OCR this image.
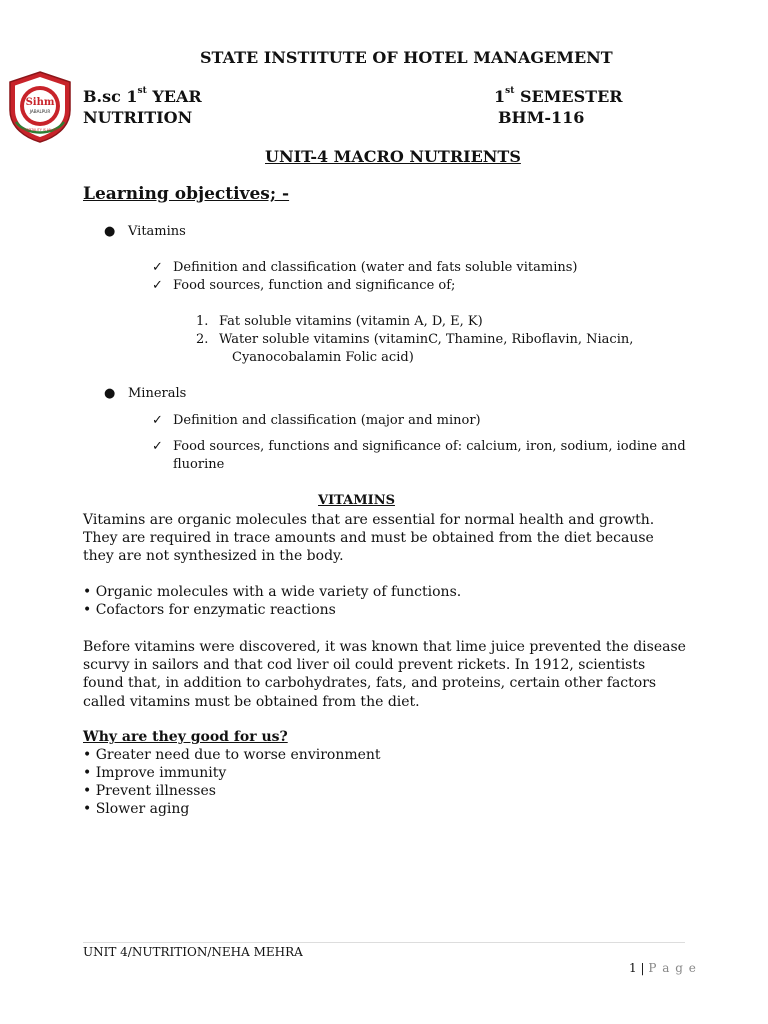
Sihm
JABALPUR
HOSPITALITY IS AN ART
STATE INSTITUTE OF HOTEL MANAGEMENT
B.sc 1st YEAR
NUTRITION
1st SEMESTER
BHM-116
UNIT-4 MACRO NUTRIENTS
Learning objectives; -
● Vitamins
✓ Definition and classification (water and fats soluble vitamins)
✓ Food sources, function and significance of;
1. Fat soluble vitamins (vitamin A, D, E, K)
2. Water soluble vitamins (vitaminC, Thamine, Riboflavin, Niacin,
Cyanocobalamin Folic acid)
● Minerals
✓ Definition and classification (major and minor)
✓ Food sources, functions and significance of: calcium, iron, sodium, iodine and
fluorine
VITAMINS
Vitamins are organic molecules that are essential for normal health and growth. They are required in trace amounts and must be obtained from the diet because they are not synthesized in the body.
• Organic molecules with a wide variety of functions.
• Cofactors for enzymatic reactions
Before vitamins were discovered, it was known that lime juice prevented the disease scurvy in sailors and that cod liver oil could prevent rickets. In 1912, scientists found that, in addition to carbohydrates, fats, and proteins, certain other factors called vitamins must be obtained from the diet.
Why are they good for us?
• Greater need due to worse environment
• Improve immunity
• Prevent illnesses
• Slower aging
UNIT 4/NUTRITION/NEHA MEHRA
1 | P a g e
